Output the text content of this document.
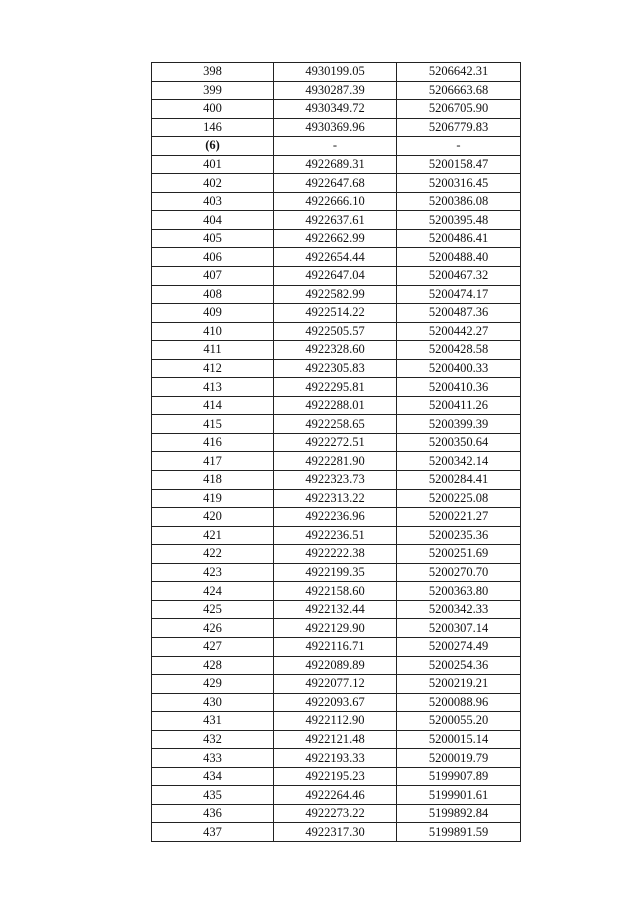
398	4930199.05	5206642.31
399	4930287.39	5206663.68
400	4930349.72	5206705.90
146	4930369.96	5206779.83
(6)	-	-
401	4922689.31	5200158.47
402	4922647.68	5200316.45
403	4922666.10	5200386.08
404	4922637.61	5200395.48
405	4922662.99	5200486.41
406	4922654.44	5200488.40
407	4922647.04	5200467.32
408	4922582.99	5200474.17
409	4922514.22	5200487.36
410	4922505.57	5200442.27
411	4922328.60	5200428.58
412	4922305.83	5200400.33
413	4922295.81	5200410.36
414	4922288.01	5200411.26
415	4922258.65	5200399.39
416	4922272.51	5200350.64
417	4922281.90	5200342.14
418	4922323.73	5200284.41
419	4922313.22	5200225.08
420	4922236.96	5200221.27
421	4922236.51	5200235.36
422	4922222.38	5200251.69
423	4922199.35	5200270.70
424	4922158.60	5200363.80
425	4922132.44	5200342.33
426	4922129.90	5200307.14
427	4922116.71	5200274.49
428	4922089.89	5200254.36
429	4922077.12	5200219.21
430	4922093.67	5200088.96
431	4922112.90	5200055.20
432	4922121.48	5200015.14
433	4922193.33	5200019.79
434	4922195.23	5199907.89
435	4922264.46	5199901.61
436	4922273.22	5199892.84
437	4922317.30	5199891.59
